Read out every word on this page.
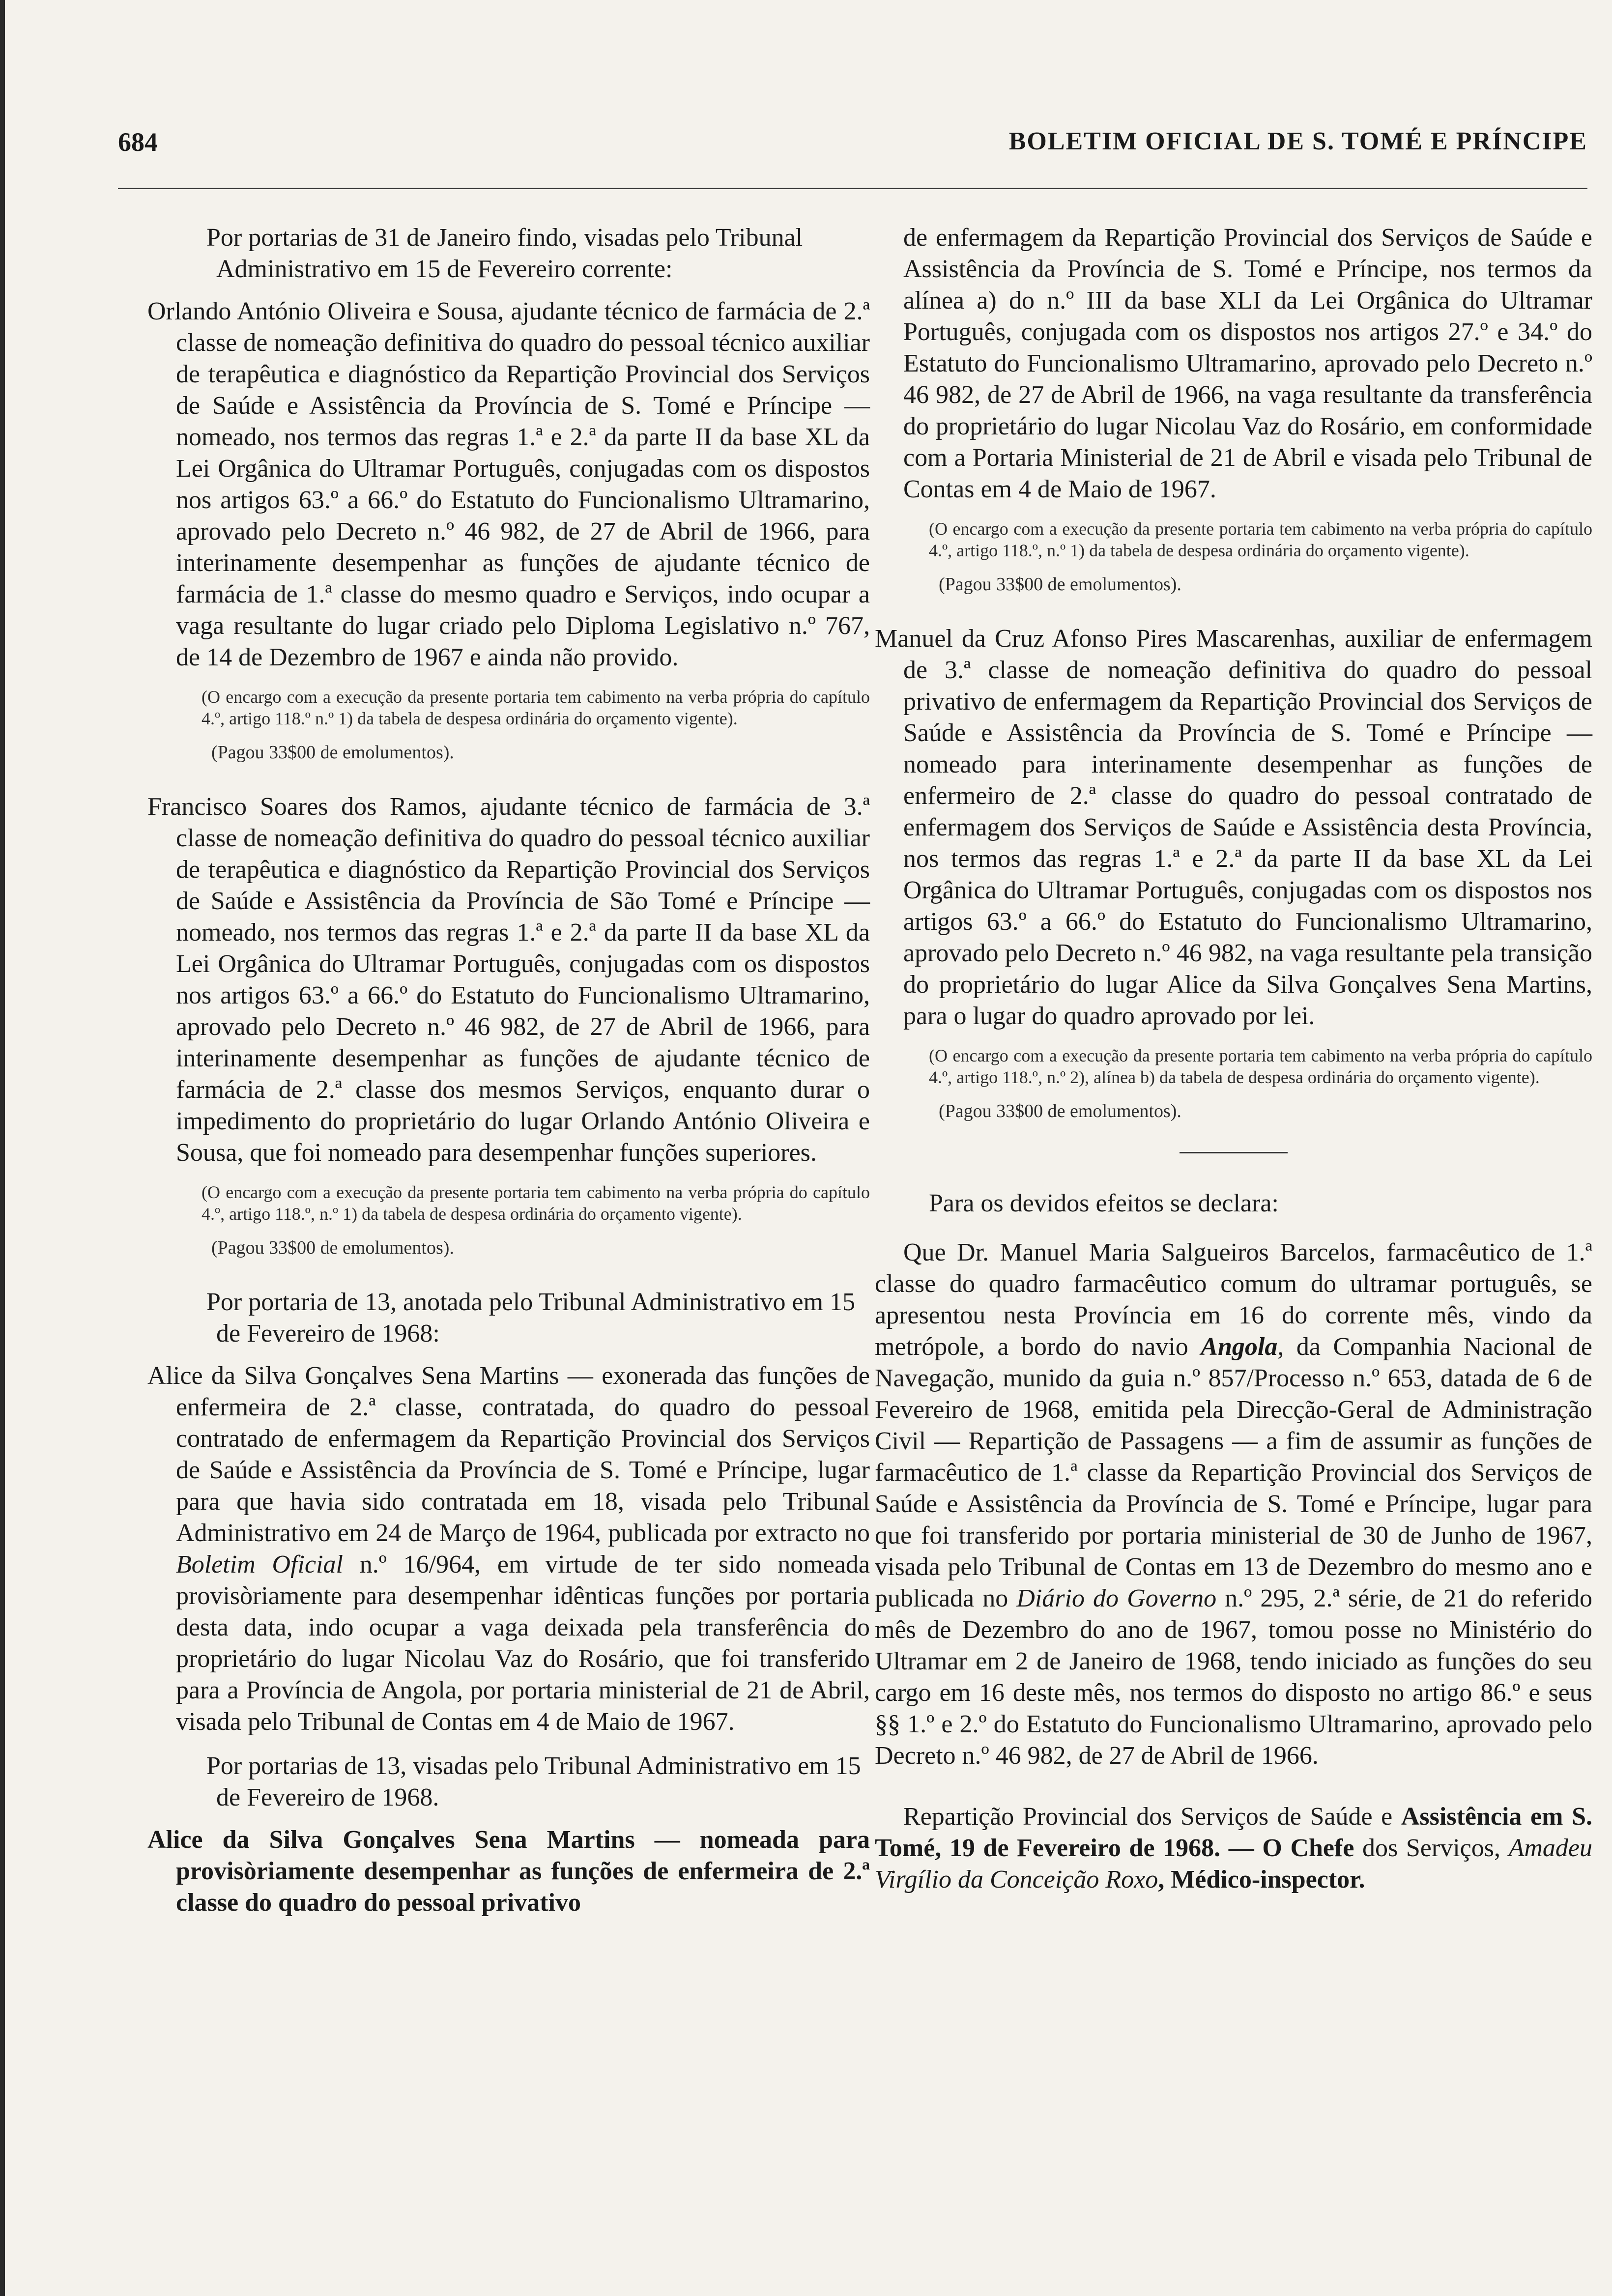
684	BOLETIM OFICIAL DE S. TOMÉ E PRÍNCIPE

Por portarias de 31 de Janeiro findo, visadas pelo Tribunal Administrativo em 15 de Fevereiro corrente:

Orlando António Oliveira e Sousa, ajudante técnico de farmácia de 2.ª classe de nomeação definitiva do quadro do pessoal técnico auxiliar de terapêutica e diagnóstico da Repartição Provincial dos Serviços de Saúde e Assistência da Província de S. Tomé e Príncipe — nomeado, nos termos das regras 1.ª e 2.ª da parte II da base XL da Lei Orgânica do Ultramar Português, conjugadas com os dispostos nos artigos 63.º a 66.º do Estatuto do Funcionalismo Ultramarino, aprovado pelo Decreto n.º 46 982, de 27 de Abril de 1966, para interinamente desempenhar as funções de ajudante técnico de farmácia de 1.ª classe do mesmo quadro e Serviços, indo ocupar a vaga resultante do lugar criado pelo Diploma Legislativo n.º 767, de 14 de Dezembro de 1967 e ainda não provido.

(O encargo com a execução da presente portaria tem cabimento na verba própria do capítulo 4.º, artigo 118.º n.º 1) da tabela de despesa ordinária do orçamento vigente).

(Pagou 33$00 de emolumentos).

Francisco Soares dos Ramos, ajudante técnico de farmácia de 3.ª classe de nomeação definitiva do quadro do pessoal técnico auxiliar de terapêutica e diagnóstico da Repartição Provincial dos Serviços de Saúde e Assistência da Província de São Tomé e Príncipe — nomeado, nos termos das regras 1.ª e 2.ª da parte II da base XL da Lei Orgânica do Ultramar Português, conjugadas com os dispostos nos artigos 63.º a 66.º do Estatuto do Funcionalismo Ultramarino, aprovado pelo Decreto n.º 46 982, de 27 de Abril de 1966, para interinamente desempenhar as funções de ajudante técnico de farmácia de 2.ª classe dos mesmos Serviços, enquanto durar o impedimento do proprietário do lugar Orlando António Oliveira e Sousa, que foi nomeado para desempenhar funções superiores.

(O encargo com a execução da presente portaria tem cabimento na verba própria do capítulo 4.º, artigo 118.º, n.º 1) da tabela de despesa ordinária do orçamento vigente).

(Pagou 33$00 de emolumentos).

Por portaria de 13, anotada pelo Tribunal Administrativo em 15 de Fevereiro de 1968:

Alice da Silva Gonçalves Sena Martins — exonerada das funções de enfermeira de 2.ª classe, contratada, do quadro do pessoal contratado de enfermagem da Repartição Provincial dos Serviços de Saúde e Assistência da Província de S. Tomé e Príncipe, lugar para que havia sido contratada em 18, visada pelo Tribunal Administrativo em 24 de Março de 1964, publicada por extracto no Boletim Oficial n.º 16/964, em virtude de ter sido nomeada provisòriamente para desempenhar idênticas funções por portaria desta data, indo ocupar a vaga deixada pela transferência do proprietário do lugar Nicolau Vaz do Rosário, que foi transferido para a Província de Angola, por portaria ministerial de 21 de Abril, visada pelo Tribunal de Contas em 4 de Maio de 1967.

Por portarias de 13, visadas pelo Tribunal Administrativo em 15 de Fevereiro de 1968.

Alice da Silva Gonçalves Sena Martins — nomeada para provisòriamente desempenhar as funções de enfermeira de 2.ª classe do quadro do pessoal privativo

de enfermagem da Repartição Provincial dos Serviços de Saúde e Assistência da Província de S. Tomé e Príncipe, nos termos da alínea a) do n.º III da base XLI da Lei Orgânica do Ultramar Português, conjugada com os dispostos nos artigos 27.º e 34.º do Estatuto do Funcionalismo Ultramarino, aprovado pelo Decreto n.º 46 982, de 27 de Abril de 1966, na vaga resultante da transferência do proprietário do lugar Nicolau Vaz do Rosário, em conformidade com a Portaria Ministerial de 21 de Abril e visada pelo Tribunal de Contas em 4 de Maio de 1967.

(O encargo com a execução da presente portaria tem cabimento na verba própria do capítulo 4.º, artigo 118.º, n.º 1) da tabela de despesa ordinária do orçamento vigente).

(Pagou 33$00 de emolumentos).

Manuel da Cruz Afonso Pires Mascarenhas, auxiliar de enfermagem de 3.ª classe de nomeação definitiva do quadro do pessoal privativo de enfermagem da Repartição Provincial dos Serviços de Saúde e Assistência da Província de S. Tomé e Príncipe — nomeado para interinamente desempenhar as funções de enfermeiro de 2.ª classe do quadro do pessoal contratado de enfermagem dos Serviços de Saúde e Assistência desta Província, nos termos das regras 1.ª e 2.ª da parte II da base XL da Lei Orgânica do Ultramar Português, conjugadas com os dispostos nos artigos 63.º a 66.º do Estatuto do Funcionalismo Ultramarino, aprovado pelo Decreto n.º 46 982, na vaga resultante pela transição do proprietário do lugar Alice da Silva Gonçalves Sena Martins, para o lugar do quadro aprovado por lei.

(O encargo com a execução da presente portaria tem cabimento na verba própria do capítulo 4.º, artigo 118.º, n.º 2), alínea b) da tabela de despesa ordinária do orçamento vigente).

(Pagou 33$00 de emolumentos).

Para os devidos efeitos se declara:

Que Dr. Manuel Maria Salgueiros Barcelos, farmacêutico de 1.ª classe do quadro farmacêutico comum do ultramar português, se apresentou nesta Província em 16 do corrente mês, vindo da metrópole, a bordo do navio Angola, da Companhia Nacional de Navegação, munido da guia n.º 857/Processo n.º 653, datada de 6 de Fevereiro de 1968, emitida pela Direcção-Geral de Administração Civil — Repartição de Passagens — a fim de assumir as funções de farmacêutico de 1.ª classe da Repartição Provincial dos Serviços de Saúde e Assistência da Província de S. Tomé e Príncipe, lugar para que foi transferido por portaria ministerial de 30 de Junho de 1967, visada pelo Tribunal de Contas em 13 de Dezembro do mesmo ano e publicada no Diário do Governo n.º 295, 2.ª série, de 21 do referido mês de Dezembro do ano de 1967, tomou posse no Ministério do Ultramar em 2 de Janeiro de 1968, tendo iniciado as funções do seu cargo em 16 deste mês, nos termos do disposto no artigo 86.º e seus §§ 1.º e 2.º do Estatuto do Funcionalismo Ultramarino, aprovado pelo Decreto n.º 46 982, de 27 de Abril de 1966.

Repartição Provincial dos Serviços de Saúde e Assistência em S. Tomé, 19 de Fevereiro de 1968. — O Chefe dos Serviços, Amadeu Virgílio da Conceição Roxo, Médico-inspector.
